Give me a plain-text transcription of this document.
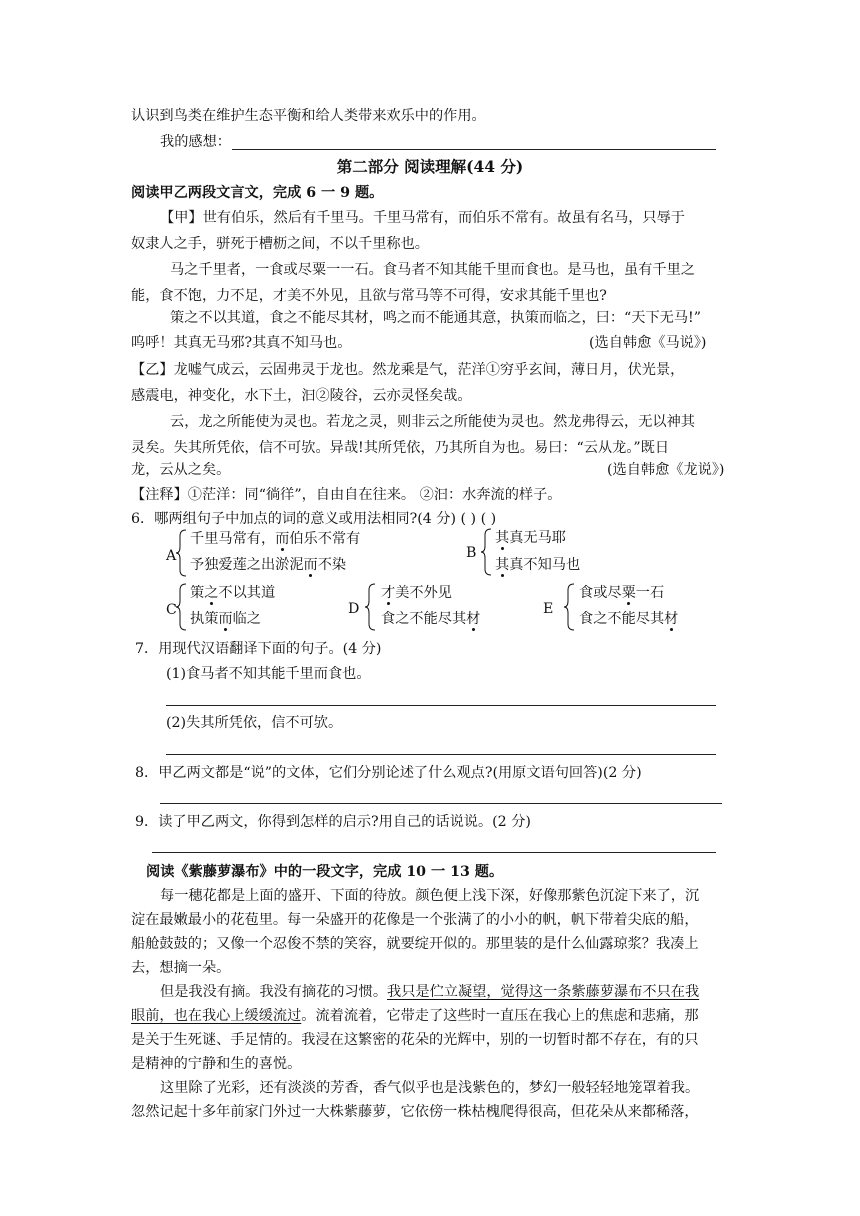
认识到鸟类在维护生态平衡和给人类带来欢乐中的作用。
我的感想：
第二部分 阅读理解(44 分)
阅读甲乙两段文言文，完成 6 一 9 题。
【甲】世有伯乐，然后有千里马。千里马常有，而伯乐不常有。故虽有名马，只辱于
奴隶人之手，骈死于槽枥之间，不以千里称也。
马之千里者，一食或尽粟一一石。食马者不知其能千里而食也。是马也，虽有千里之
能，食不饱，力不足，才美不外见，且欲与常马等不可得，安求其能千里也?
策之不以其道，食之不能尽其材，鸣之而不能通其意，执策而临之，曰：“天下无马!”
呜呼！其真无马邪?其真不知马也。	(选自韩愈《马说》)
【乙】龙嘘气成云，云固弗灵于龙也。然龙乘是气，茫洋①穷乎玄间，薄日月，伏光景，
感震电，神变化，水下土，汩②陵谷，云亦灵怪矣哉。
云，龙之所能使为灵也。若龙之灵，则非云之所能使为灵也。然龙弗得云，无以神其
灵矣。失其所凭依，信不可欤。异哉!其所凭依，乃其所自为也。易曰：“云从龙。”既日
龙，云从之矣。	(选自韩愈《龙说》)
【注释】①茫洋：同“徜徉”，自由自在往来。 ②汩：水奔流的样子。
6．哪两组句子中加点的词的意义或用法相同?(4 分) ( ) ( )
A
千里马常有，而伯乐不常有
予独爱莲之出淤泥而不染
B
其真无马耶
其真不知马也
C
策之不以其道
执策而临之
D
才美不外见
食之不能尽其材
E
食或尽粟一石
食之不能尽其材
7．用现代汉语翻译下面的句子。(4 分)
(1)食马者不知其能千里而食也。
(2)失其所凭依，信不可欤。
8．甲乙两文都是“说”的文体，它们分别论述了什么观点?(用原文语句回答)(2 分)
9．读了甲乙两文，你得到怎样的启示?用自己的话说说。(2 分)
阅读《紫藤萝瀑布》中的一段文字，完成 10 一 13 题。
每一穗花都是上面的盛开、下面的待放。颜色便上浅下深，好像那紫色沉淀下来了，沉
淀在最嫩最小的花苞里。每一朵盛开的花像是一个张满了的小小的帆，帆下带着尖底的船，
船舱鼓鼓的；又像一个忍俊不禁的笑容，就要绽开似的。那里装的是什么仙露琼浆？我凑上
去，想摘一朵。
但是我没有摘。我没有摘花的习惯。我只是伫立凝望，觉得这一条紫藤萝瀑布不只在我
眼前，也在我心上缓缓流过。流着流着，它带走了这些时一直压在我心上的焦虑和悲痛，那
是关于生死谜、手足情的。我浸在这繁密的花朵的光辉中，别的一切暂时都不存在，有的只
是精神的宁静和生的喜悦。
这里除了光彩，还有淡淡的芳香，香气似乎也是浅紫色的，梦幻一般轻轻地笼罩着我。
忽然记起十多年前家门外过一大株紫藤萝，它依傍一株枯槐爬得很高，但花朵从来都稀落，
